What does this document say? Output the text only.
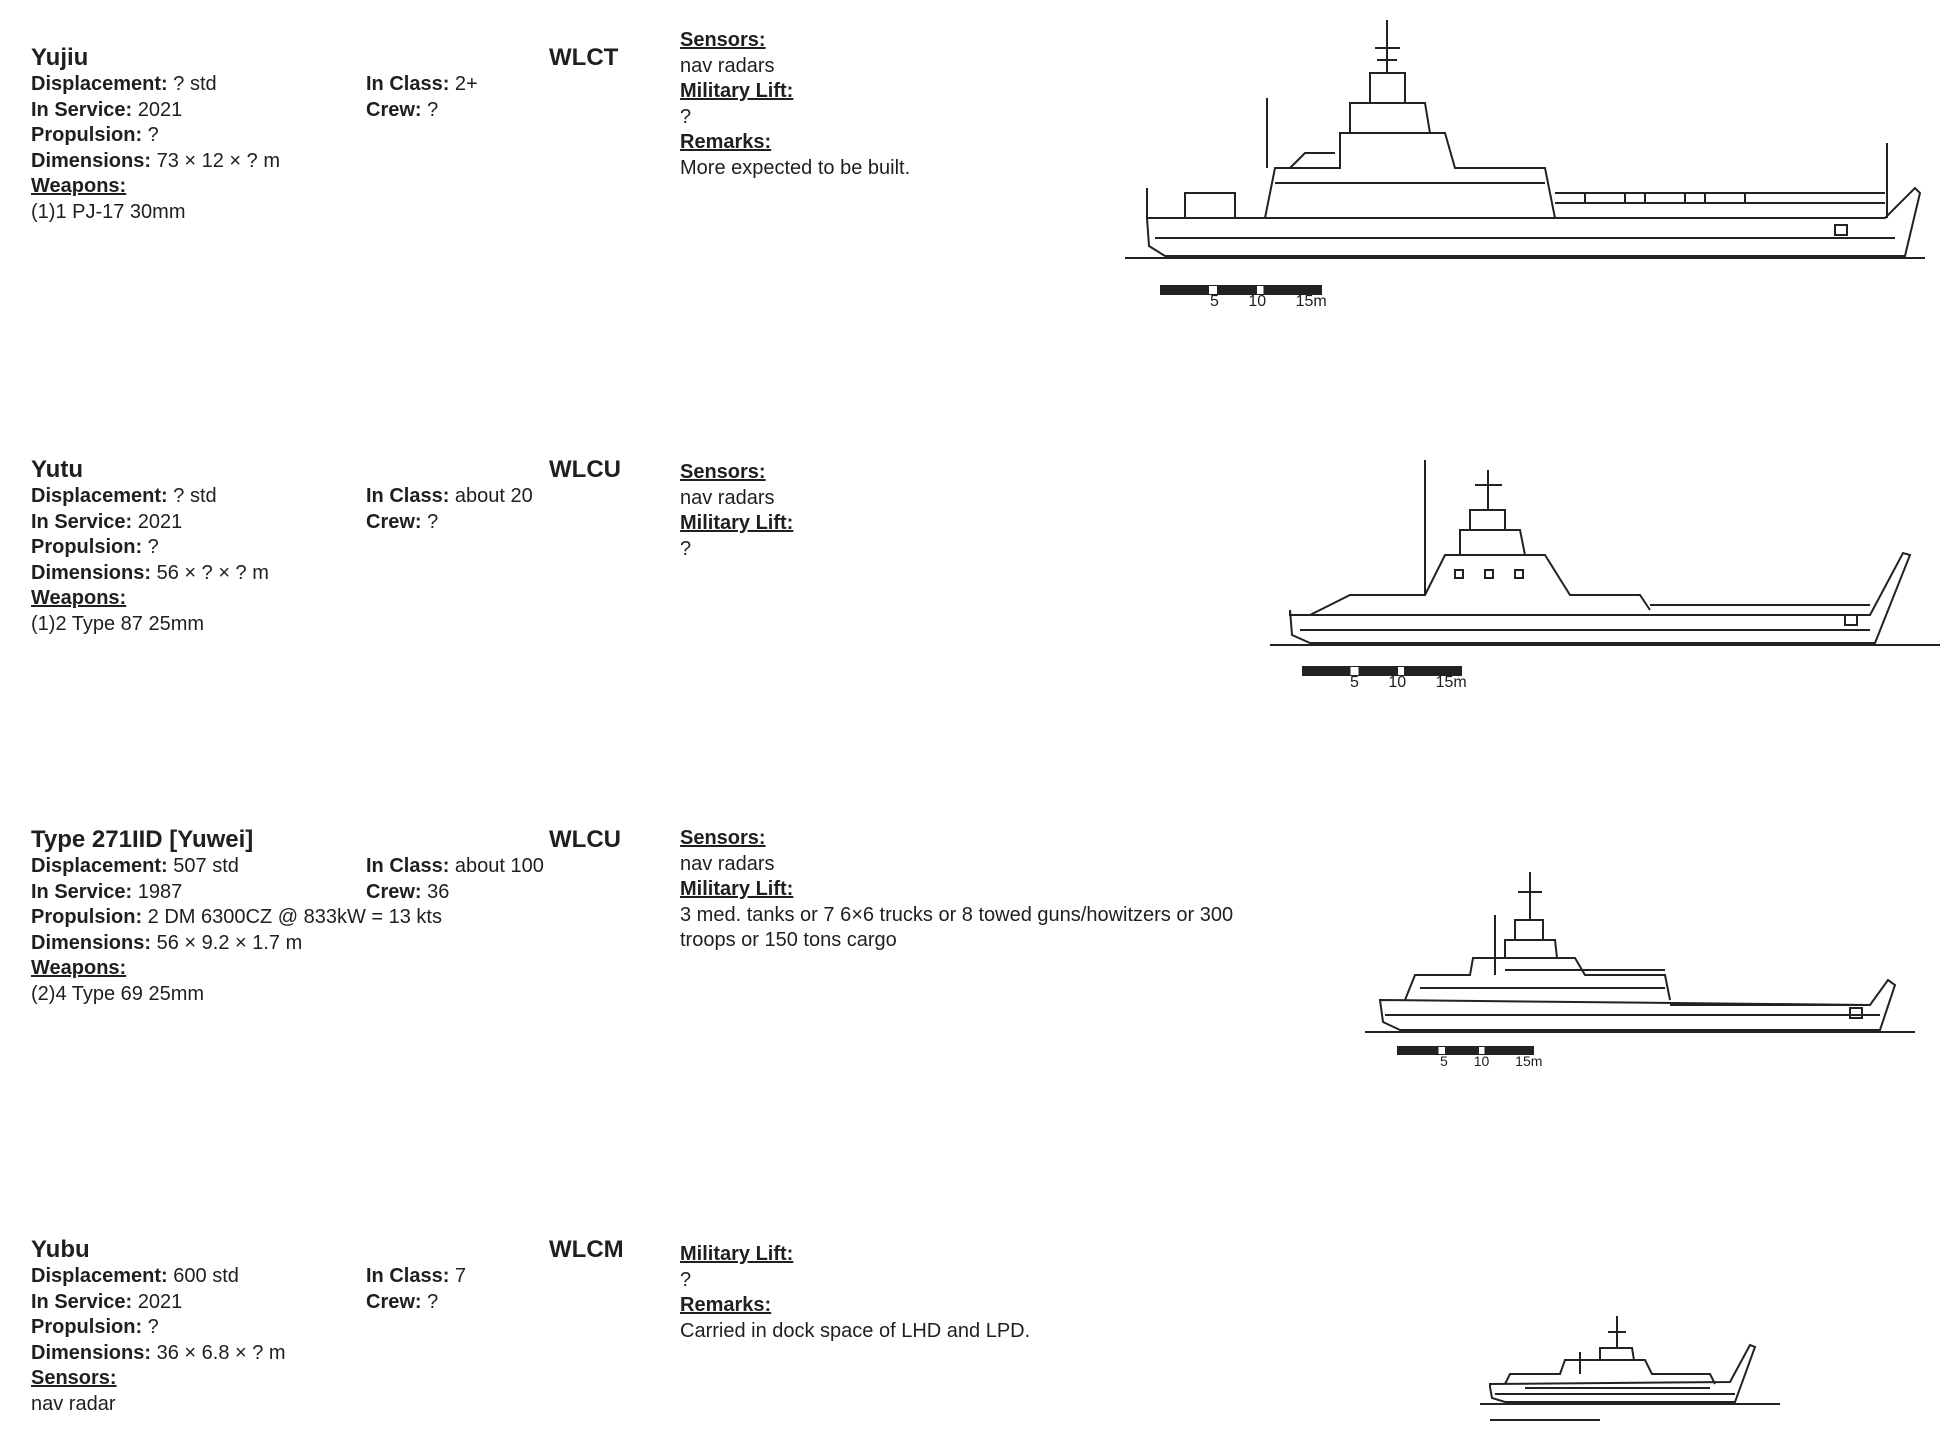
Yujiu	WLCT
Displacement: ? std
In Service: 2021
Propulsion: ?
Dimensions: 73 × 12 × ? m
Weapons:
(1)1 PJ-17 30mm
In Class: 2+
Crew: ?
Sensors:
nav radars
Military Lift:
?
Remarks:
More expected to be built.
5 10 15m
Yutu	WLCU
Displacement: ? std
In Service: 2021
Propulsion: ?
Dimensions: 56 × ? × ? m
Weapons:
(1)2 Type 87 25mm
In Class: about 20
Crew: ?
Sensors:
nav radars
Military Lift:
?
5 10 15m
Type 271IID [Yuwei]	WLCU
Displacement: 507 std
In Service: 1987
Propulsion: 2 DM 6300CZ @ 833kW = 13 kts
Dimensions: 56 × 9.2 × 1.7 m
Weapons:
(2)4 Type 69 25mm
In Class: about 100
Crew: 36
Sensors:
nav radars
Military Lift:
3 med. tanks or 7 6×6 trucks or 8 towed guns/howitzers or 300
troops or 150 tons cargo
5 10 15m
Yubu	WLCM
Displacement: 600 std
In Service: 2021
Propulsion: ?
Dimensions: 36 × 6.8 × ? m
Sensors:
nav radar
In Class: 7
Crew: ?
Military Lift:
?
Remarks:
Carried in dock space of LHD and LPD.
